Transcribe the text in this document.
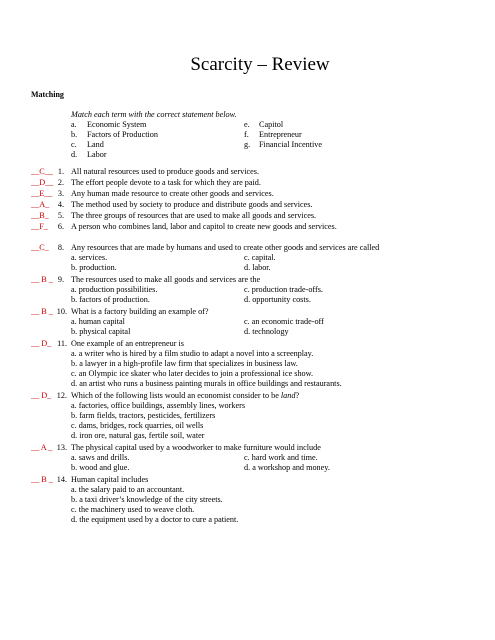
Scarcity – Review
Matching
Match each term with the correct statement below.
a. Economic System
b. Factors of Production
c. Land
d. Labor
e. Capitol
f. Entrepreneur
g. Financial Incentive
__C__ 1. All natural resources used to produce goods and services.
__D__ 2. The effort people devote to a task for which they are paid.
__E__ 3. Any human made resource to create other goods and services.
__A_	4. The method used by society to produce and distribute goods and services.
__B_	5. The three groups of resources that are used to make all goods and services.
__F_	6. A person who combines land, labor and capitol to create new goods and services.
__C_	8. Any resources that are made by humans and used to create other goods and services are called
a. services.
b. production.
c. capital.
d. labor.
__ B _ 9. The resources used to make all goods and services are the
a. production possibilities.
b. factors of production.
c. production trade-offs.
d. opportunity costs.
__ B _ 10. What is a factory building an example of?
a. human capital
b. physical capital
c. an economic trade-off
d. technology
__ D_ 11. One example of an entrepreneur is
a. a writer who is hired by a film studio to adapt a novel into a screenplay.
b. a lawyer in a high-profile law firm that specializes in business law.
c. an Olympic ice skater who later decides to join a professional ice show.
d. an artist who runs a business painting murals in office buildings and restaurants.
__ D_ 12. Which of the following lists would an economist consider to be land?
a. factories, office buildings, assembly lines, workers
b. farm fields, tractors, pesticides, fertilizers
c. dams, bridges, rock quarries, oil wells
d. iron ore, natural gas, fertile soil, water
__ A _ 13. The physical capital used by a woodworker to make furniture would include
a. saws and drills.
b. wood and glue.
c. hard work and time.
d. a workshop and money.
__ B _ 14. Human capital includes
a. the salary paid to an accountant.
b. a taxi driver’s knowledge of the city streets.
c. the machinery used to weave cloth.
d. the equipment used by a doctor to cure a patient.
